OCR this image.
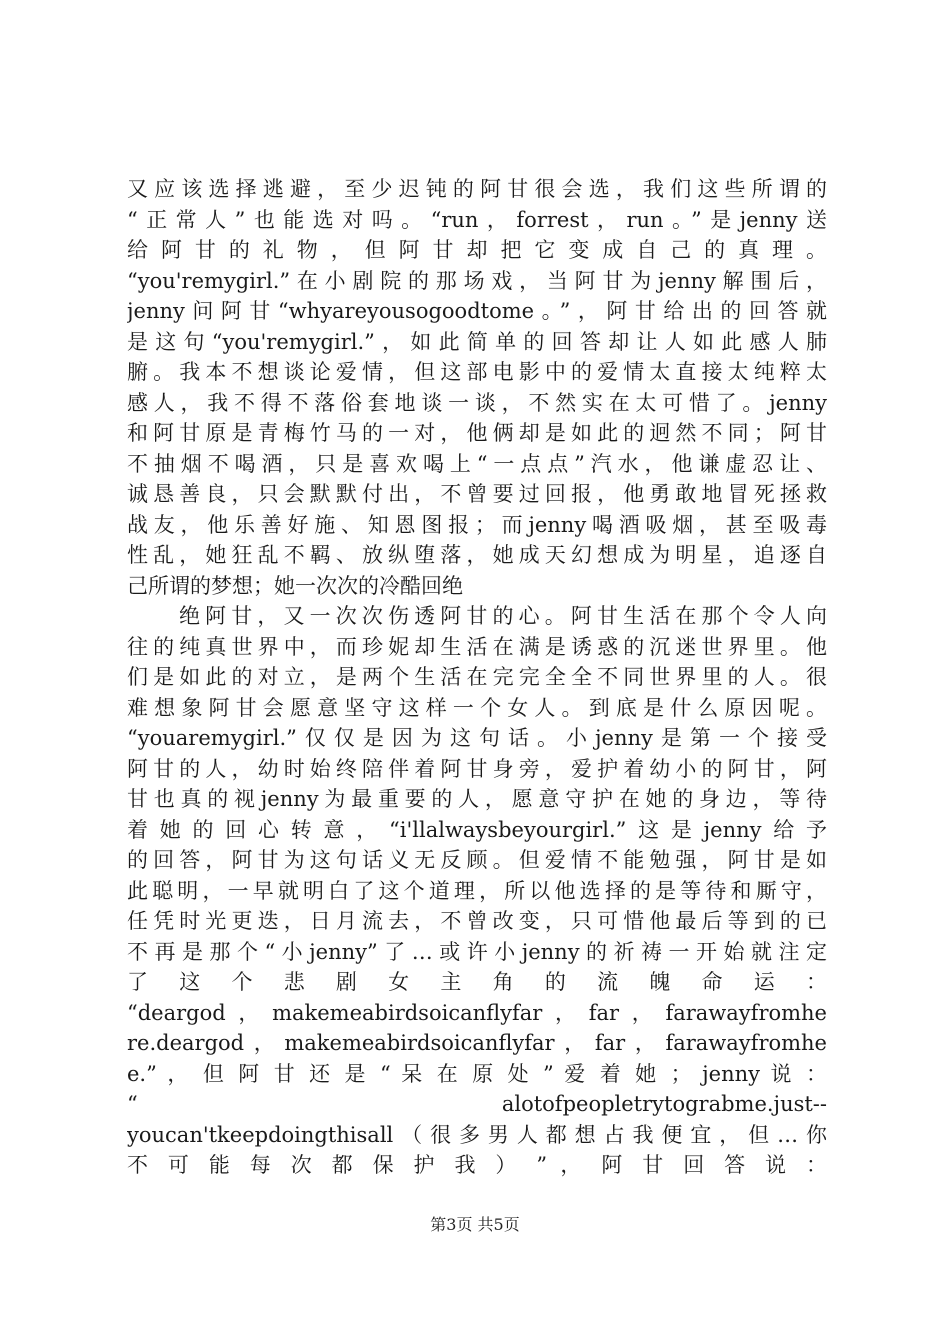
又应该选择逃避，至少迟钝的阿甘很会选，我们这些所谓的
“正常人”也能选对吗。“run，forrest，run。”是jenny送
给 阿 甘 的 礼 物 ， 但 阿 甘 却 把 它 变 成 自 己 的 真 理 。
“you'remygirl.”在小剧院的那场戏，当阿甘为jenny解围后，
jenny问阿甘“whyareyousogoodtome。”，阿甘给出的回答就
是这句“you'remygirl.”，如此简单的回答却让人如此感人肺
腑。我本不想谈论爱情，但这部电影中的爱情太直接太纯粹太
感人，我不得不落俗套地谈一谈，不然实在太可惜了。jenny
和阿甘原是青梅竹马的一对，他俩却是如此的迥然不同；阿甘
不抽烟不喝酒，只是喜欢喝上“一点点”汽水，他谦虚忍让、
诚恳善良，只会默默付出，不曾要过回报，他勇敢地冒死拯救
战友，他乐善好施、知恩图报；而jenny喝酒吸烟，甚至吸毒
性乱，她狂乱不羁、放纵堕落，她成天幻想成为明星，追逐自
己所谓的梦想；她一次次的冷酷回绝
绝阿甘，又一次次伤透阿甘的心。阿甘生活在那个令人向
往的纯真世界中，而珍妮却生活在满是诱惑的沉迷世界里。他
们是如此的对立，是两个生活在完完全全不同世界里的人。很
难想象阿甘会愿意坚守这样一个女人。到底是什么原因呢。
“youaremygirl.”仅仅是因为这句话。小jenny是第一个接受
阿甘的人，幼时始终陪伴着阿甘身旁，爱护着幼小的阿甘，阿
甘也真的视jenny为最重要的人，愿意守护在她的身边，等待
着她的回心转意，“i'llalwaysbeyourgirl.”这是jenny给予
的回答，阿甘为这句话义无反顾。但爱情不能勉强，阿甘是如
此聪明，一早就明白了这个道理，所以他选择的是等待和厮守，
任凭时光更迭，日月流去，不曾改变，只可惜他最后等到的已
不再是那个“小jenny”了…或许小jenny的祈祷一开始就注定
了 这 个 悲 剧 女 主 角 的 流 魄 命 运 ：
“deargod，makemeabirdsoicanflyfar，far，farawayfromhe
re.deargod，makemeabirdsoicanflyfar，far，farawayfromhe
e.” ， 但 阿 甘 还 是 “ 呆 在 原 处 ” 爱 着 她 ； jenny 说 ：
“ alotofpeopletrytograbme.just--
youcan'tkeepdoingthisall（很多男人都想占我便宜，但…你
不 可 能 每 次 都 保 护 我 ） ” ， 阿 甘 回 答 说 ：
第3页 共5页
